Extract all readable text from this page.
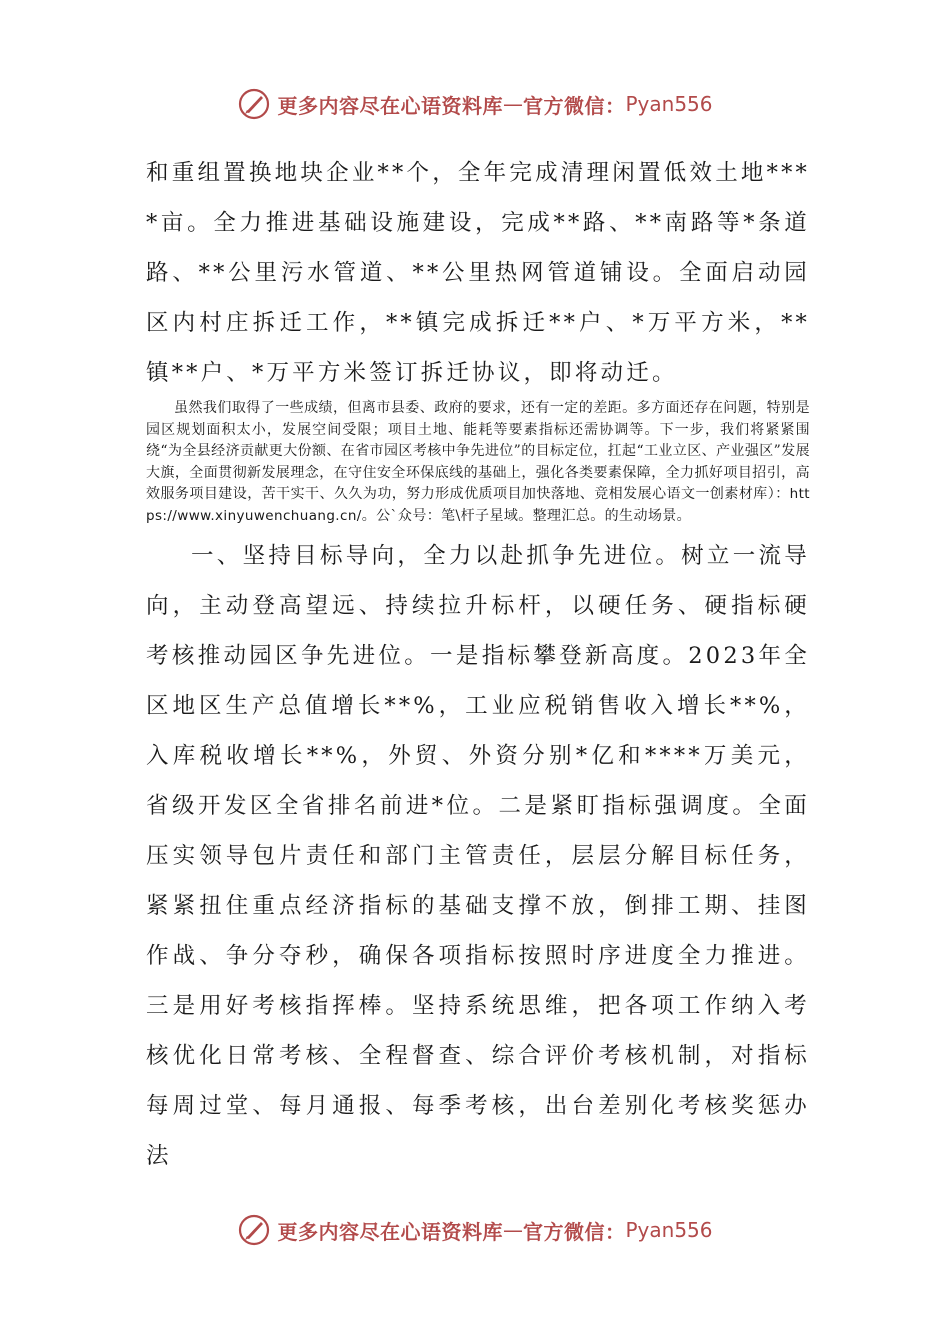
更多内容尽在心语资料库 — 官方微信： Pyan556

和重组置换地块企业**个，全年完成清理闲置低效土地****亩。全力推进基础设施建设，完成**路、**南路等*条道路、**公里污水管道、**公里热网管道铺设。全面启动园区内村庄拆迁工作，**镇完成拆迁**户、*万平方米，**镇**户、*万平方米签订拆迁协议，即将动迁。

虽然我们取得了一些成绩，但离市县委、政府的要求，还有一定的差距。多方面还存在问题，特别是园区规划面积太小，发展空间受限；项目土地、能耗等要素指标还需协调等。下一步，我们将紧紧围绕“为全县经济贡献更大份额、在省市园区考核中争先进位”的目标定位，扛起“工业立区、产业强区”发展大旗，全面贯彻新发展理念，在守住安全环保底线的基础上，强化各类要素保障，全力抓好项目招引，高效服务项目建设，苦干实干、久久为功，努力形成优质项目加快落地、竞相发展心语文一创素材库）：https://www.xinyuwenchuang.cn/。公`众号：笔\杆子星域。整理汇总。的生动场景。

一、坚持目标导向，全力以赴抓争先进位。树立一流导向，主动登高望远、持续拉升标杆，以硬任务、硬指标硬考核推动园区争先进位。一是指标攀登新高度。2023年全区地区生产总值增长**%，工业应税销售收入增长**%，入库税收增长**%，外贸、外资分别*亿和****万美元，省级开发区全省排名前进*位。二是紧盯指标强调度。全面压实领导包片责任和部门主管责任，层层分解目标任务，紧紧扭住重点经济指标的基础支撑不放，倒排工期、挂图作战、争分夺秒，确保各项指标按照时序进度全力推进。三是用好考核指挥棒。坚持系统思维，把各项工作纳入考核优化日常考核、全程督查、综合评价考核机制，对指标每周过堂、每月通报、每季考核，出台差别化考核奖惩办法

更多内容尽在心语资料库 — 官方微信： Pyan556
